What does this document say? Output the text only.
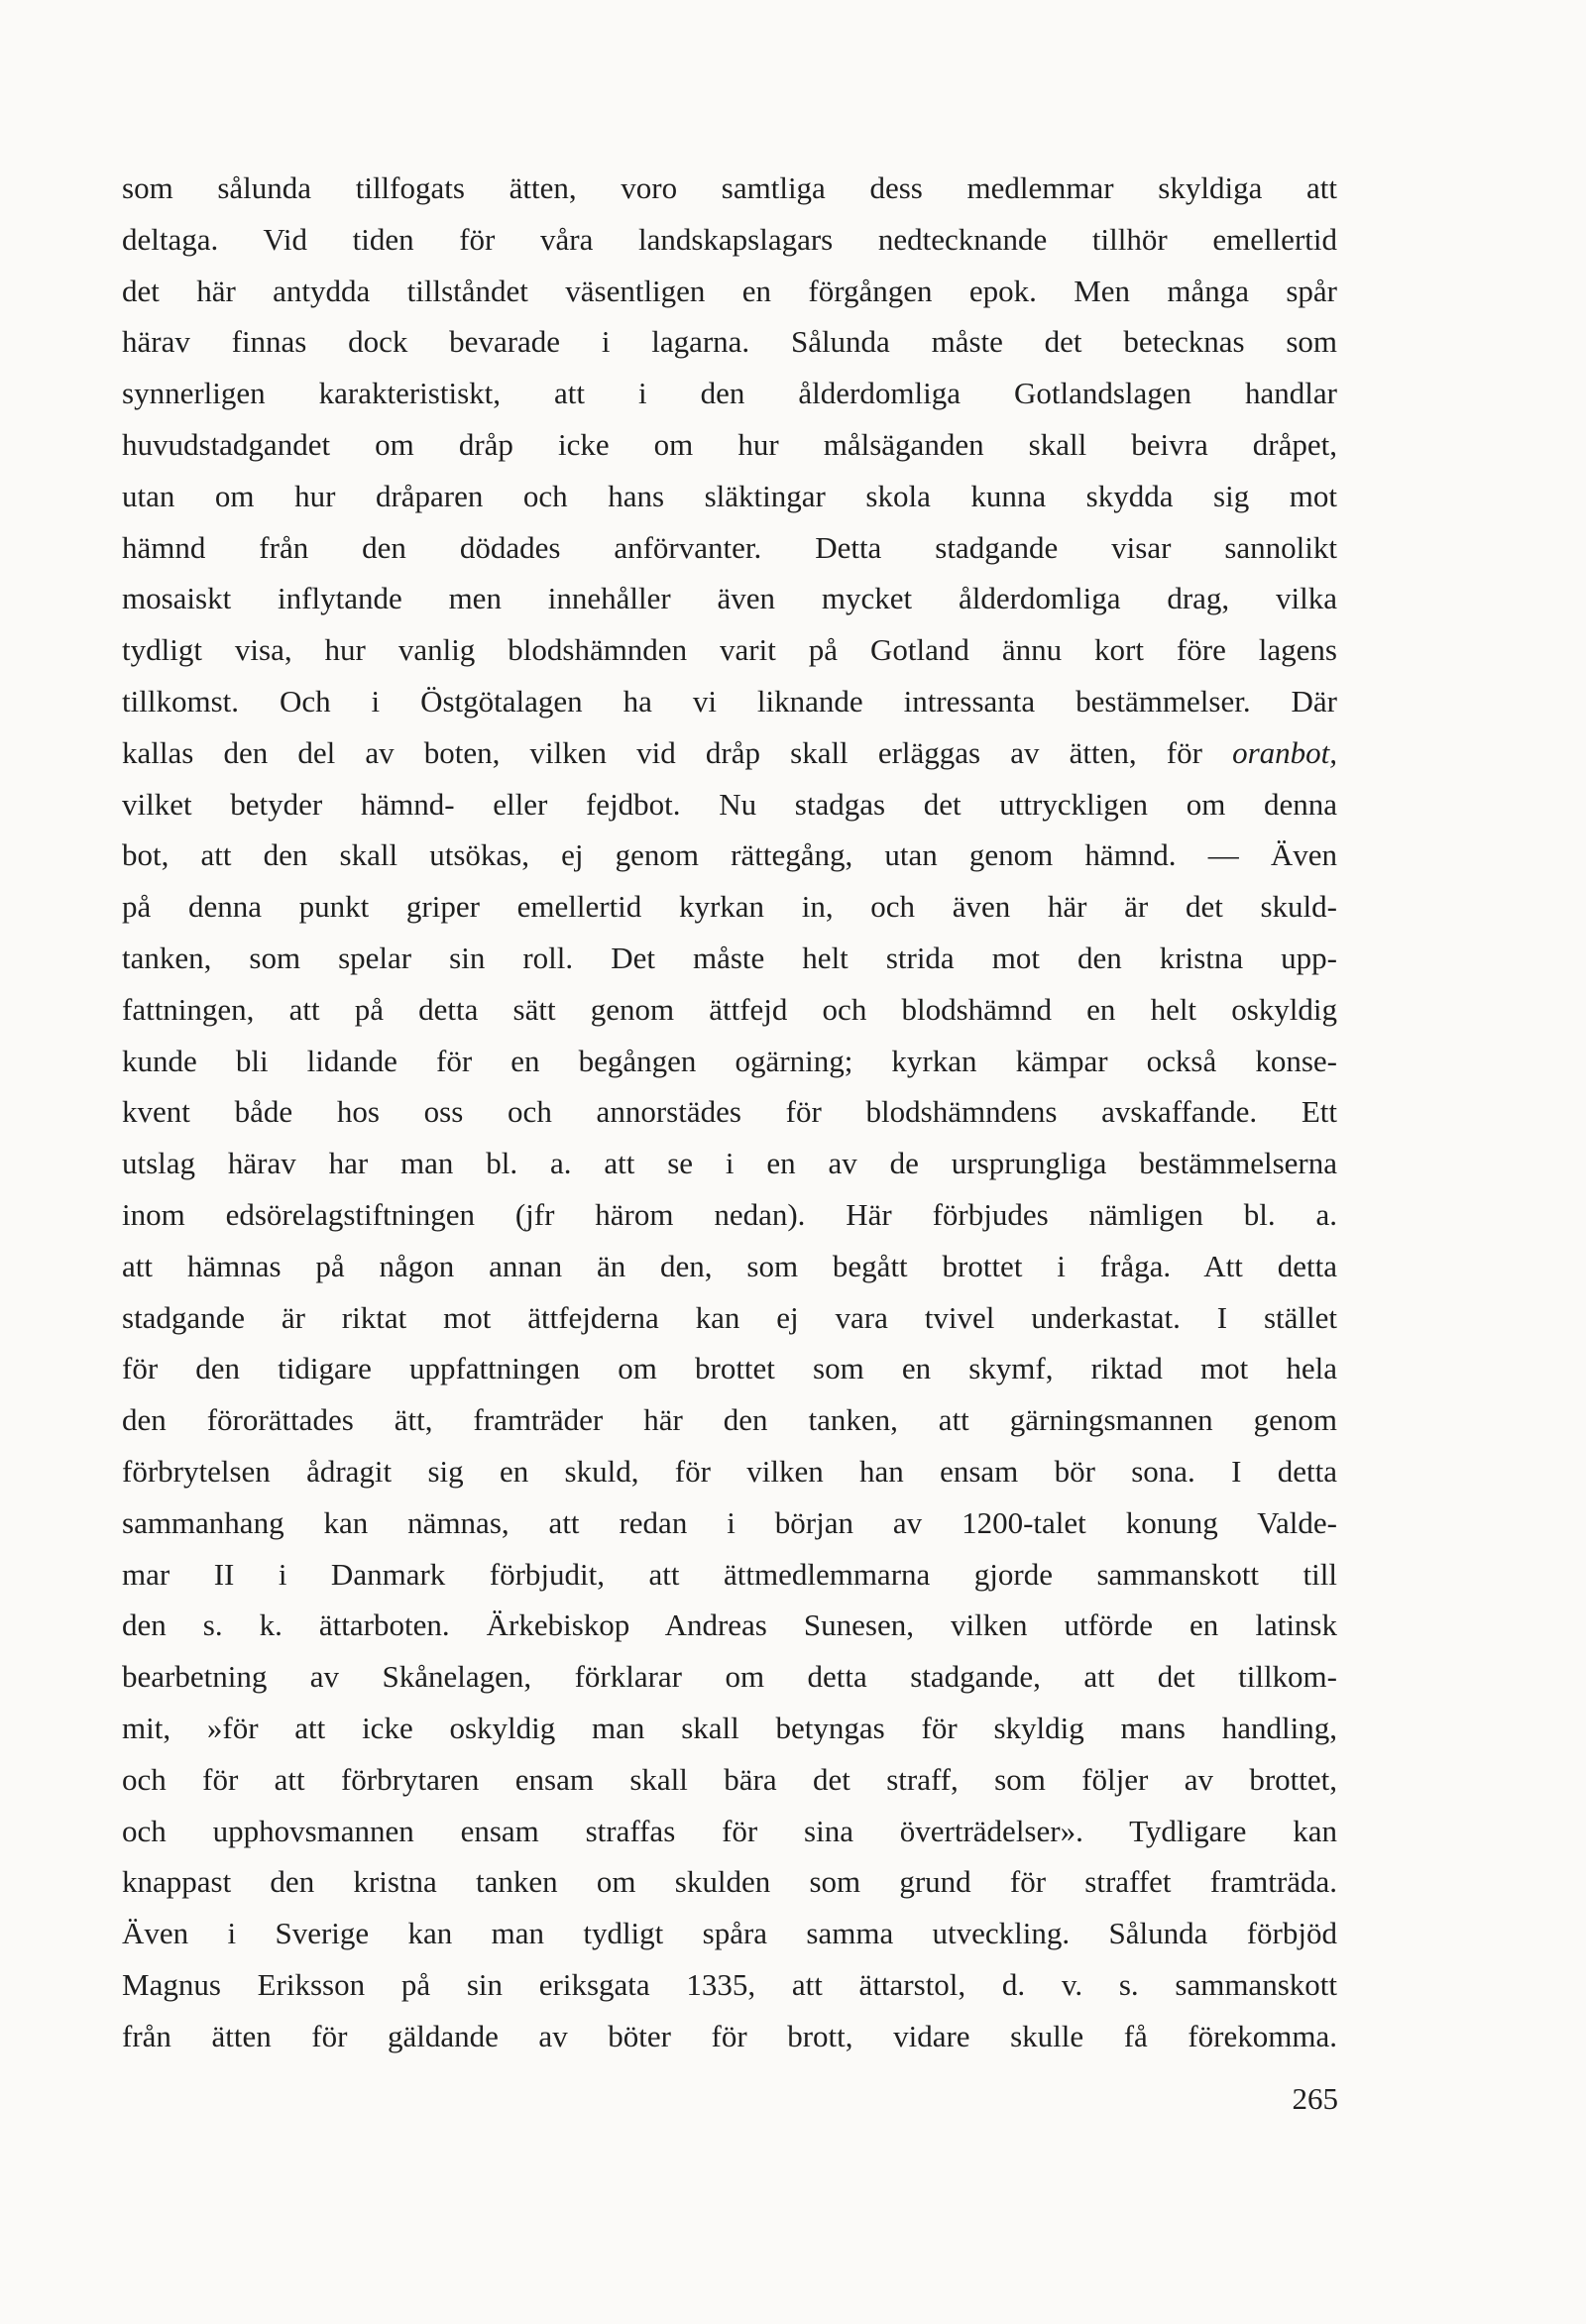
som sålunda tillfogats ätten, voro samtliga dess medlemmar skyldiga att
deltaga. Vid tiden för våra landskapslagars nedtecknande tillhör emellertid
det här antydda tillståndet väsentligen en förgången epok. Men många spår
härav finnas dock bevarade i lagarna. Sålunda måste det betecknas som
synnerligen karakteristiskt, att i den ålderdomliga Gotlandslagen handlar
huvudstadgandet om dråp icke om hur målsäganden skall beivra dråpet,
utan om hur dråparen och hans släktingar skola kunna skydda sig mot
hämnd från den dödades anförvanter. Detta stadgande visar sannolikt
mosaiskt inflytande men innehåller även mycket ålderdomliga drag, vilka
tydligt visa, hur vanlig blodshämnden varit på Gotland ännu kort före lagens
tillkomst. Och i Östgötalagen ha vi liknande intressanta bestämmelser. Där
kallas den del av boten, vilken vid dråp skall erläggas av ätten, för oranbot,
vilket betyder hämnd- eller fejdbot. Nu stadgas det uttryckligen om denna
bot, att den skall utsökas, ej genom rättegång, utan genom hämnd. — Även
på denna punkt griper emellertid kyrkan in, och även här är det skuld-
tanken, som spelar sin roll. Det måste helt strida mot den kristna upp-
fattningen, att på detta sätt genom ättfejd och blodshämnd en helt oskyldig
kunde bli lidande för en begången ogärning; kyrkan kämpar också konse-
kvent både hos oss och annorstädes för blodshämndens avskaffande. Ett
utslag härav har man bl. a. att se i en av de ursprungliga bestämmelserna
inom edsörelagstiftningen (jfr härom nedan). Här förbjudes nämligen bl. a.
att hämnas på någon annan än den, som begått brottet i fråga. Att detta
stadgande är riktat mot ättfejderna kan ej vara tvivel underkastat. I stället
för den tidigare uppfattningen om brottet som en skymf, riktad mot hela
den förorättades ätt, framträder här den tanken, att gärningsmannen genom
förbrytelsen ådragit sig en skuld, för vilken han ensam bör sona. I detta
sammanhang kan nämnas, att redan i början av 1200-talet konung Valde-
mar II i Danmark förbjudit, att ättmedlemmarna gjorde sammanskott till
den s. k. ättarboten. Ärkebiskop Andreas Sunesen, vilken utförde en latinsk
bearbetning av Skånelagen, förklarar om detta stadgande, att det tillkom-
mit, »för att icke oskyldig man skall betyngas för skyldig mans handling,
och för att förbrytaren ensam skall bära det straff, som följer av brottet,
och upphovsmannen ensam straffas för sina överträdelser». Tydligare kan
knappast den kristna tanken om skulden som grund för straffet framträda.
Även i Sverige kan man tydligt spåra samma utveckling. Sålunda förbjöd
Magnus Eriksson på sin eriksgata 1335, att ättarstol, d. v. s. sammanskott
från ätten för gäldande av böter för brott, vidare skulle få förekomma.
265
